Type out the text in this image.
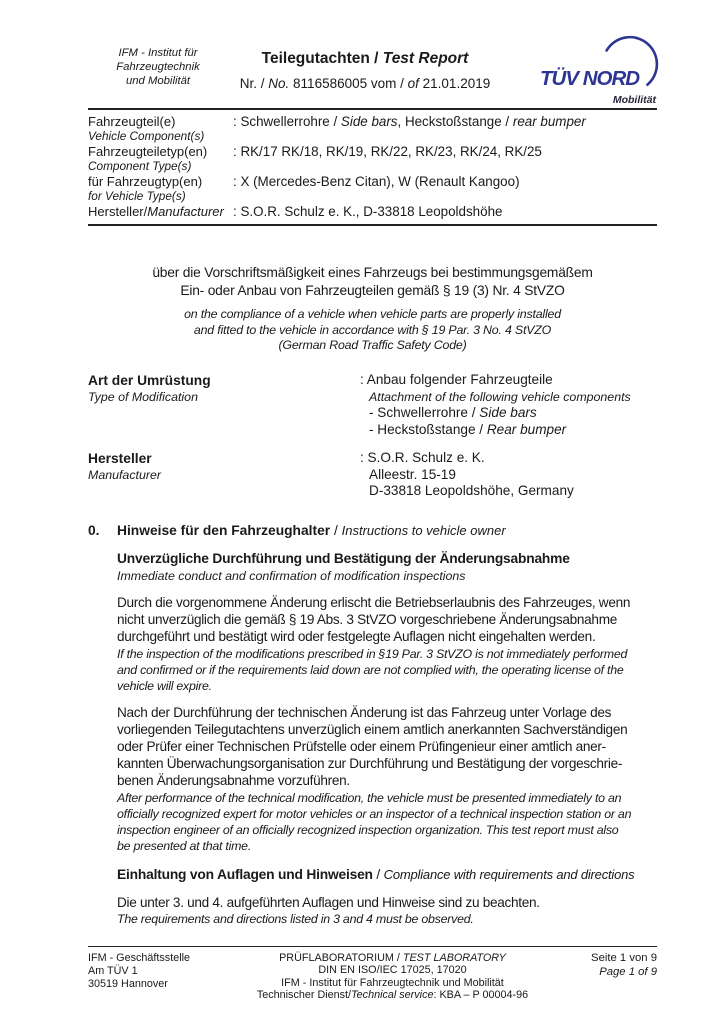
IFM - Institut für
Fahrzeugtechnik
und Mobilität
Teilegutachten / Test Report
Nr. / No. 8116586005 vom / of 21.01.2019	TÜV NORD
Mobilität
Fahrzeugteil(e)
Vehicle Component(s)
: Schwellerrohre / Side bars, Heckstoßstange / rear bumper
Fahrzeugteiletyp(en)
Component Type(s)
: RK/17 RK/18, RK/19, RK/22, RK/23, RK/24, RK/25
für Fahrzeugtyp(en)
for Vehicle Type(s)
: X (Mercedes-Benz Citan), W (Renault Kangoo)
Hersteller/Manufacturer : S.O.R. Schulz e. K., D-33818 Leopoldshöhe
über die Vorschriftsmäßigkeit eines Fahrzeugs bei bestimmungsgemäßem
Ein- oder Anbau von Fahrzeugteilen gemäß § 19 (3) Nr. 4 StVZO
on the compliance of a vehicle when vehicle parts are properly installed
and fitted to the vehicle in accordance with § 19 Par. 3 No. 4 StVZO
(German Road Traffic Safety Code)
Art der Umrüstung
Type of Modification
: Anbau folgender Fahrzeugteile
Attachment of the following vehicle components
- Schwellerrohre / Side bars
- Heckstoßstange / Rear bumper
Hersteller
Manufacturer
: S.O.R. Schulz e. K.
Alleestr. 15-19
D-33818 Leopoldshöhe, Germany
0.	Hinweise für den Fahrzeughalter / Instructions to vehicle owner
Unverzügliche Durchführung und Bestätigung der Änderungsabnahme
Immediate conduct and confirmation of modification inspections
Durch die vorgenommene Änderung erlischt die Betriebserlaubnis des Fahrzeuges, wenn
nicht unverzüglich die gemäß § 19 Abs. 3 StVZO vorgeschriebene Änderungsabnahme
durchgeführt und bestätigt wird oder festgelegte Auflagen nicht eingehalten werden.
If the inspection of the modifications prescribed in §19 Par. 3 StVZO is not immediately performed
and confirmed or if the requirements laid down are not complied with, the operating license of the
vehicle will expire.
Nach der Durchführung der technischen Änderung ist das Fahrzeug unter Vorlage des
vorliegenden Teilegutachtens unverzüglich einem amtlich anerkannten Sachverständigen
oder Prüfer einer Technischen Prüfstelle oder einem Prüfingenieur einer amtlich aner-
kannten Überwachungsorganisation zur Durchführung und Bestätigung der vorgeschrie-
benen Änderungsabnahme vorzuführen.
After performance of the technical modification, the vehicle must be presented immediately to an
officially recognized expert for motor vehicles or an inspector of a technical inspection station or an
inspection engineer of an officially recognized inspection organization. This test report must also
be presented at that time.
Einhaltung von Auflagen und Hinweisen / Compliance with requirements and directions
Die unter 3. und 4. aufgeführten Auflagen und Hinweise sind zu beachten.
The requirements and directions listed in 3 and 4 must be observed.
IFM - Geschäftsstelle
Am TÜV 1
30519 Hannover
PRÜFLABORATORIUM / TEST LABORATORY
DIN EN ISO/IEC 17025, 17020
IFM - Institut für Fahrzeugtechnik und Mobilität
Technischer Dienst/Technical service: KBA – P 00004-96
Seite 1 von 9
Page 1 of 9
